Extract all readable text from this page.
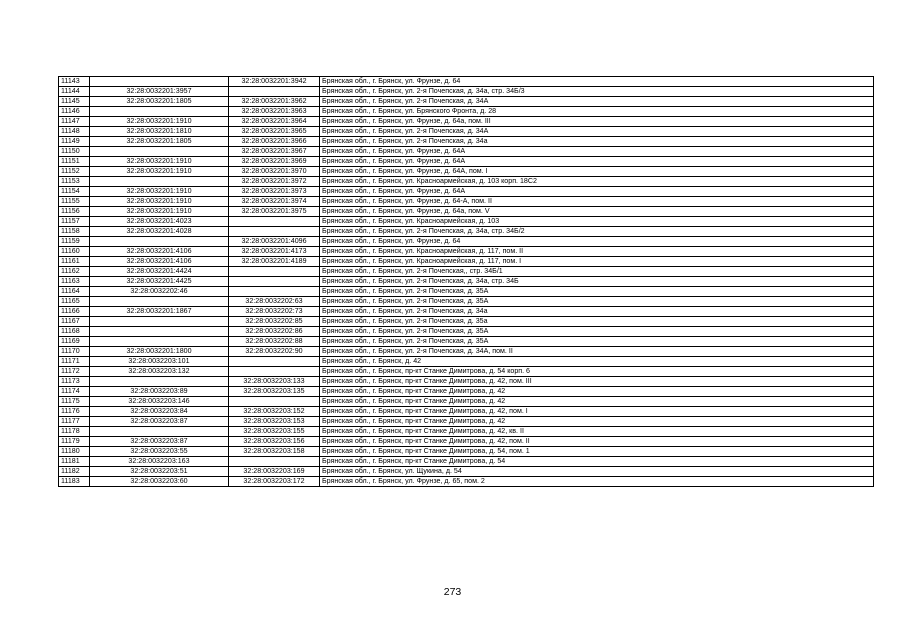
11143		32:28:0032201:3942	Брянская обл., г. Брянск, ул. Фрунзе, д. 64
11144	32:28:0032201:3957		Брянская обл., г. Брянск, ул. 2-я Почепская, д. 34а, стр. 34Б/3
11145	32:28:0032201:1805	32:28:0032201:3962	Брянская обл., г. Брянск, ул. 2-я Почепская, д. 34А
11146		32:28:0032201:3963	Брянская обл., г. Брянск, ул. Брянского Фронта, д. 28
11147	32:28:0032201:1910	32:28:0032201:3964	Брянская обл., г. Брянск, ул. Фрунзе, д. 64а, пом. III
11148	32:28:0032201:1810	32:28:0032201:3965	Брянская обл., г. Брянск, ул. 2-я Почепская, д. 34А
11149	32:28:0032201:1805	32:28:0032201:3966	Брянская обл., г. Брянск, ул. 2-я Почепская, д. 34а
11150		32:28:0032201:3967	Брянская обл., г. Брянск, ул. Фрунзе, д. 64А
11151	32:28:0032201:1910	32:28:0032201:3969	Брянская обл., г. Брянск, ул. Фрунзе, д. 64А
11152	32:28:0032201:1910	32:28:0032201:3970	Брянская обл., г. Брянск, ул. Фрунзе, д. 64А, пом. I
11153		32:28:0032201:3972	Брянская обл., г. Брянск, ул. Красноармейская, д. 103 корп. 18С2
11154	32:28:0032201:1910	32:28:0032201:3973	Брянская обл., г. Брянск, ул. Фрунзе, д. 64А
11155	32:28:0032201:1910	32:28:0032201:3974	Брянская обл., г. Брянск, ул. Фрунзе, д. 64-А, пом. II
11156	32:28:0032201:1910	32:28:0032201:3975	Брянская обл., г. Брянск, ул. Фрунзе, д. 64а, пом. V
11157	32:28:0032201:4023		Брянская обл., г. Брянск, ул. Красноармейская, д. 103
11158	32:28:0032201:4028		Брянская обл., г. Брянск, ул. 2-я Почепская, д. 34а, стр. 34Б/2
11159		32:28:0032201:4096	Брянская обл., г. Брянск, ул. Фрунзе, д. 64
11160	32:28:0032201:4106	32:28:0032201:4173	Брянская обл., г. Брянск, ул. Красноармейская, д. 117, пом. II
11161	32:28:0032201:4106	32:28:0032201:4189	Брянская обл., г. Брянск, ул. Красноармейская, д. 117, пом. I
11162	32:28:0032201:4424		Брянская обл., г. Брянск, ул. 2-я Почепская,, стр. 34Б/1
11163	32:28:0032201:4425		Брянская обл., г. Брянск, ул. 2-я Почепская, д. 34а, стр. 34Б
11164	32:28:0032202:46		Брянская обл., г. Брянск, ул. 2-я Почепская, д. 35А
11165		32:28:0032202:63	Брянская обл., г. Брянск, ул. 2-я Почепская, д. 35А
11166	32:28:0032201:1867	32:28:0032202:73	Брянская обл., г. Брянск, ул. 2-я Почепская, д. 34а
11167		32:28:0032202:85	Брянская обл., г. Брянск, ул. 2-я Почепская, д. 35а
11168		32:28:0032202:86	Брянская обл., г. Брянск, ул. 2-я Почепская, д. 35А
11169		32:28:0032202:88	Брянская обл., г. Брянск, ул. 2-я Почепская, д. 35А
11170	32:28:0032201:1800	32:28:0032202:90	Брянская обл., г. Брянск, ул. 2-я Почепская, д. 34А, пом. II
11171	32:28:0032203:101		Брянская обл., г. Брянск, д. 42
11172	32:28:0032203:132		Брянская обл., г. Брянск, пр-кт Станке Димитрова, д. 54 корп. 6
11173		32:28:0032203:133	Брянская обл., г. Брянск, пр-кт Станке Димитрова, д. 42, пом. III
11174	32:28:0032203:89	32:28:0032203:135	Брянская обл., г. Брянск, пр-кт Станке Димитрова, д. 42
11175	32:28:0032203:146		Брянская обл., г. Брянск, пр-кт Станке Димитрова, д. 42
11176	32:28:0032203:84	32:28:0032203:152	Брянская обл., г. Брянск, пр-кт Станке Димитрова, д. 42, пом. I
11177	32:28:0032203:87	32:28:0032203:153	Брянская обл., г. Брянск, пр-кт Станке Димитрова, д. 42
11178		32:28:0032203:155	Брянская обл., г. Брянск, пр-кт Станке Димитрова, д. 42, кв. II
11179	32:28:0032203:87	32:28:0032203:156	Брянская обл., г. Брянск, пр-кт Станке Димитрова, д. 42, пом. II
11180	32:28:0032203:55	32:28:0032203:158	Брянская обл., г. Брянск, пр-кт Станке Димитрова, д. 54, пом. 1
11181	32:28:0032203:163		Брянская обл., г. Брянск, пр-кт Станке Димитрова, д. 54
11182	32:28:0032203:51	32:28:0032203:169	Брянская обл., г. Брянск, ул. Щукина, д. 54
11183	32:28:0032203:60	32:28:0032203:172	Брянская обл., г. Брянск, ул. Фрунзе, д. 65, пом. 2
273
